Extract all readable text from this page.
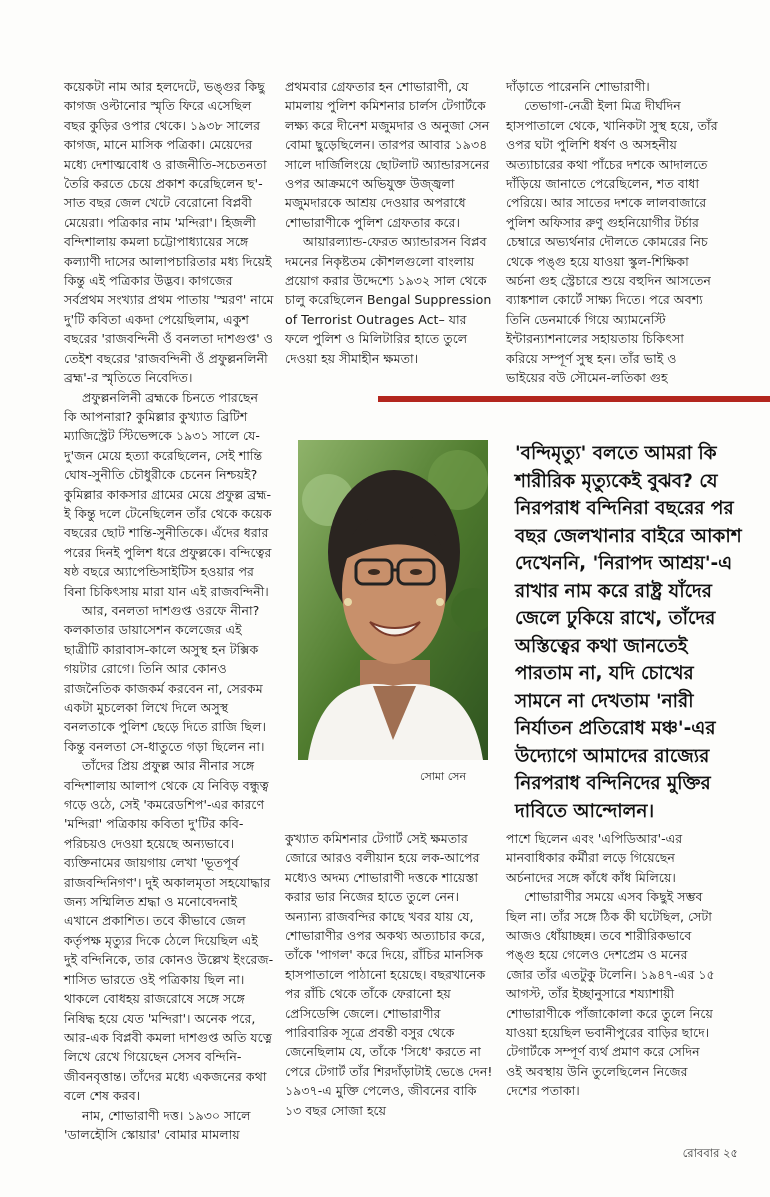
কয়েকটা নাম আর হলদেটে, ভঙ্গুর কিছু কাগজ ওল্টানোর স্মৃতি ফিরে এসেছিল বছর কুড়ির ওপার থেকে। ১৯৩৮ সালের কাগজ, মানে মাসিক পত্রিকা। মেয়েদের মধ্যে দেশাত্মবোধ ও রাজনীতি-সচেতনতা তৈরি করতে চেয়ে প্রকাশ করেছিলেন ছ'-সাত বছর জেল খেটে বেরোনো বিপ্লবী মেয়েরা। পত্রিকার নাম 'মন্দিরা'। হিজলী বন্দিশালায় কমলা চট্টোপাধ্যায়ের সঙ্গে কল্যাণী দাসের আলাপচারিতার মধ্য দিয়েই কিন্তু এই পত্রিকার উদ্ভব। কাগজের সর্বপ্রথম সংখ্যার প্রথম পাতায় 'স্মরণ' নামে দু'টি কবিতা একদা পেয়েছিলাম, একুশ বছরের 'রাজবন্দিনী ওঁ বনলতা দাশগুপ্ত' ও তেইশ বছরের 'রাজবন্দিনী ওঁ প্রফুল্লনলিনী ব্রহ্ম'-র স্মৃতিতে নিবেদিত।

প্রফুল্লনলিনী ব্রহ্মকে চিনতে পারছেন কি আপনারা? কুমিল্লার কুখ্যাত ব্রিটিশ ম্যাজিস্ট্রেট স্টিভেন্সকে ১৯৩১ সালে যে-দু'জন মেয়ে হত্যা করেছিলেন, সেই শান্তি ঘোষ-সুনীতি চৌধুরীকে চেনেন নিশ্চয়ই? কুমিল্লার কাকসার গ্রামের মেয়ে প্রফুল্ল ব্রহ্ম-ই কিন্তু দলে টেনেছিলেন তাঁর থেকে কয়েক বছরের ছোট শান্তি-সুনীতিকে। এঁদের ধরার পরের দিনই পুলিশ ধরে প্রফুল্লকে। বন্দিত্বের ষষ্ঠ বছরে অ্যাপেন্ডিসাইটিস হওয়ার পর বিনা চিকিৎসায় মারা যান এই রাজবন্দিনী।

আর, বনলতা দাশগুপ্ত ওরফে নীনা? কলকাতার ডায়াসেশন কলেজের এই ছাত্রীটি কারাবাস-কালে অসুস্থ হন টক্সিক গয়টার রোগে। তিনি আর কোনও রাজনৈতিক কাজকর্ম করবেন না, সেরকম একটা মুচলেকা লিখে দিলে অসুস্থ বনলতাকে পুলিশ ছেড়ে দিতে রাজি ছিল। কিন্তু বনলতা সে-ধাতুতে গড়া ছিলেন না।

তাঁদের প্রিয় প্রফুল্ল আর নীনার সঙ্গে বন্দিশালায় আলাপ থেকে যে নিবিড় বন্ধুত্ব গড়ে ওঠে, সেই 'কমরেডশিপ'-এর কারণে 'মন্দিরা' পত্রিকায় কবিতা দু'টির কবি-পরিচয়ও দেওয়া হয়েছে অন্যভাবে। ব্যক্তিনামের জায়গায় লেখা 'ভূতপূর্ব রাজবন্দিনিগণ'। দুই অকালমৃতা সহযোদ্ধার জন্য সম্মিলিত শ্রদ্ধা ও মনোবেদনাই এখানে প্রকাশিত। তবে কীভাবে জেল কর্তৃপক্ষ মৃত্যুর দিকে ঠেলে দিয়েছিল এই দুই বন্দিনিকে, তার কোনও উল্লেখ ইংরেজ-শাসিত ভারতে ওই পত্রিকায় ছিল না। থাকলে বোধহয় রাজরোষে সঙ্গে সঙ্গে নিষিদ্ধ হয়ে যেত 'মন্দিরা'। অনেক পরে, আর-এক বিপ্লবী কমলা দাশগুপ্ত অতি যত্নে লিখে রেখে গিয়েছেন সেসব বন্দিনি-জীবনবৃত্তান্ত। তাঁদের মধ্যে একজনের কথা বলে শেষ করব।

নাম, শোভারাণী দত্ত। ১৯৩০ সালে 'ডালহৌসি স্কোয়ার' বোমার মামলায়

প্রথমবার গ্রেফতার হন শোভারাণী, যে মামলায় পুলিশ কমিশনার চার্লস টেগার্টকে লক্ষ্য করে দীনেশ মজুমদার ও অনুজা সেন বোমা ছুড়েছিলেন। তারপর আবার ১৯৩৪ সালে দার্জিলিংয়ে ছোটলাট অ্যান্ডারসনের ওপর আক্রমণে অভিযুক্ত উজ্জ্বলা মজুমদারকে আশ্রয় দেওয়ার অপরাধে শোভারাণীকে পুলিশ গ্রেফতার করে।

আয়ারল্যান্ড-ফেরত অ্যান্ডারসন বিপ্লব দমনের নিকৃষ্টতম কৌশলগুলো বাংলায় প্রয়োগ করার উদ্দেশ্যে ১৯৩২ সাল থেকে চালু করেছিলেন Bengal Suppression of Terrorist Outrages Act– যার ফলে পুলিশ ও মিলিটারির হাতে তুলে দেওয়া হয় সীমাহীন ক্ষমতা।

দাঁড়াতে পারেননি শোভারাণী।

তেভাগা-নেত্রী ইলা মিত্র দীর্ঘদিন হাসপাতালে থেকে, খানিকটা সুস্থ হয়ে, তাঁর ওপর ঘটা পুলিশি ধর্ষণ ও অসহনীয় অত্যাচারের কথা পাঁচের দশকে আদালতে দাঁড়িয়ে জানাতে পেরেছিলেন, শত বাধা পেরিয়ে। আর সাতের দশকে লালবাজারে পুলিশ অফিসার রুণু গুহনিয়োগীর টর্চার চেম্বারে অভ্যর্থনার দৌলতে কোমরের নিচ থেকে পঙ্গু হয়ে যাওয়া স্কুল-শিক্ষিকা অর্চনা গুহ স্ট্রেচারে শুয়ে বহুদিন আসতেন ব্যাঙ্কশাল কোর্টে সাক্ষ্য দিতে। পরে অবশ্য তিনি ডেনমার্কে গিয়ে অ্যামনেস্টি ইন্টারন্যাশনালের সহায়তায় চিকিৎসা করিয়ে সম্পূর্ণ সুস্থ হন। তাঁর ভাই ও ভাইয়ের বউ সৌমেন-লতিকা গুহ

সোমা সেন
'বন্দিমৃত্যু' বলতে আমরা কি শারীরিক মৃত্যুকেই বুঝব? যে নিরপরাধ বন্দিনিরা বছরের পর বছর জেলখানার বাইরে আকাশ দেখেননি, 'নিরাপদ আশ্রয়'-এ রাখার নাম করে রাষ্ট্র যাঁদের জেলে ঢুকিয়ে রাখে, তাঁদের অস্তিত্বের কথা জানতেই পারতাম না, যদি চোখের সামনে না দেখতাম 'নারী নির্যাতন প্রতিরোধ মঞ্চ'-এর উদ্যোগে আমাদের রাজ্যের নিরপরাধ বন্দিনিদের মুক্তির দাবিতে আন্দোলন।

কুখ্যাত কমিশনার টেগার্ট সেই ক্ষমতার জোরে আরও বলীয়ান হয়ে লক-আপের মধ্যেও অদম্য শোভারাণী দত্তকে শায়েস্তা করার ভার নিজের হাতে তুলে নেন। অন্যান্য রাজবন্দির কাছে খবর যায় যে, শোভারাণীর ওপর অকথ্য অত্যাচার করে, তাঁকে 'পাগল' করে দিয়ে, রাঁচির মানসিক হাসপাতালে পাঠানো হয়েছে। বছরখানেক পর রাঁচি থেকে তাঁকে ফেরানো হয় প্রেসিডেন্সি জেলে। শোভারাণীর পারিবারিক সূত্রে প্রবন্তী বসুর থেকে জেনেছিলাম যে, তাঁকে 'সিধে' করতে না পেরে টেগার্ট তাঁর শিরদাঁড়াটাই ভেঙে দেন! ১৯৩৭-এ মুক্তি পেলেও, জীবনের বাকি ১৩ বছর সোজা হয়ে

পাশে ছিলেন এবং 'এপিডিআর'-এর মানবাধিকার কর্মীরা লড়ে গিয়েছেন অর্চনাদের সঙ্গে কাঁধে কাঁধ মিলিয়ে।

শোভারাণীর সময়ে এসব কিছুই সম্ভব ছিল না। তাঁর সঙ্গে ঠিক কী ঘটেছিল, সেটা আজও ধোঁয়াচ্ছন্ন। তবে শারীরিকভাবে পঙ্গু হয়ে গেলেও দেশপ্রেম ও মনের জোর তাঁর এতটুকু টলেনি। ১৯৪৭-এর ১৫ আগস্ট, তাঁর ইচ্ছানুসারে শয্যাশায়ী শোভারাণীকে পাঁজাকোলা করে তুলে নিয়ে যাওয়া হয়েছিল ভবানীপুরের বাড়ির ছাদে। টেগার্টকে সম্পূর্ণ ব্যর্থ প্রমাণ করে সেদিন ওই অবস্থায় উনি তুলেছিলেন নিজের দেশের পতাকা।

রোববার ২৫
